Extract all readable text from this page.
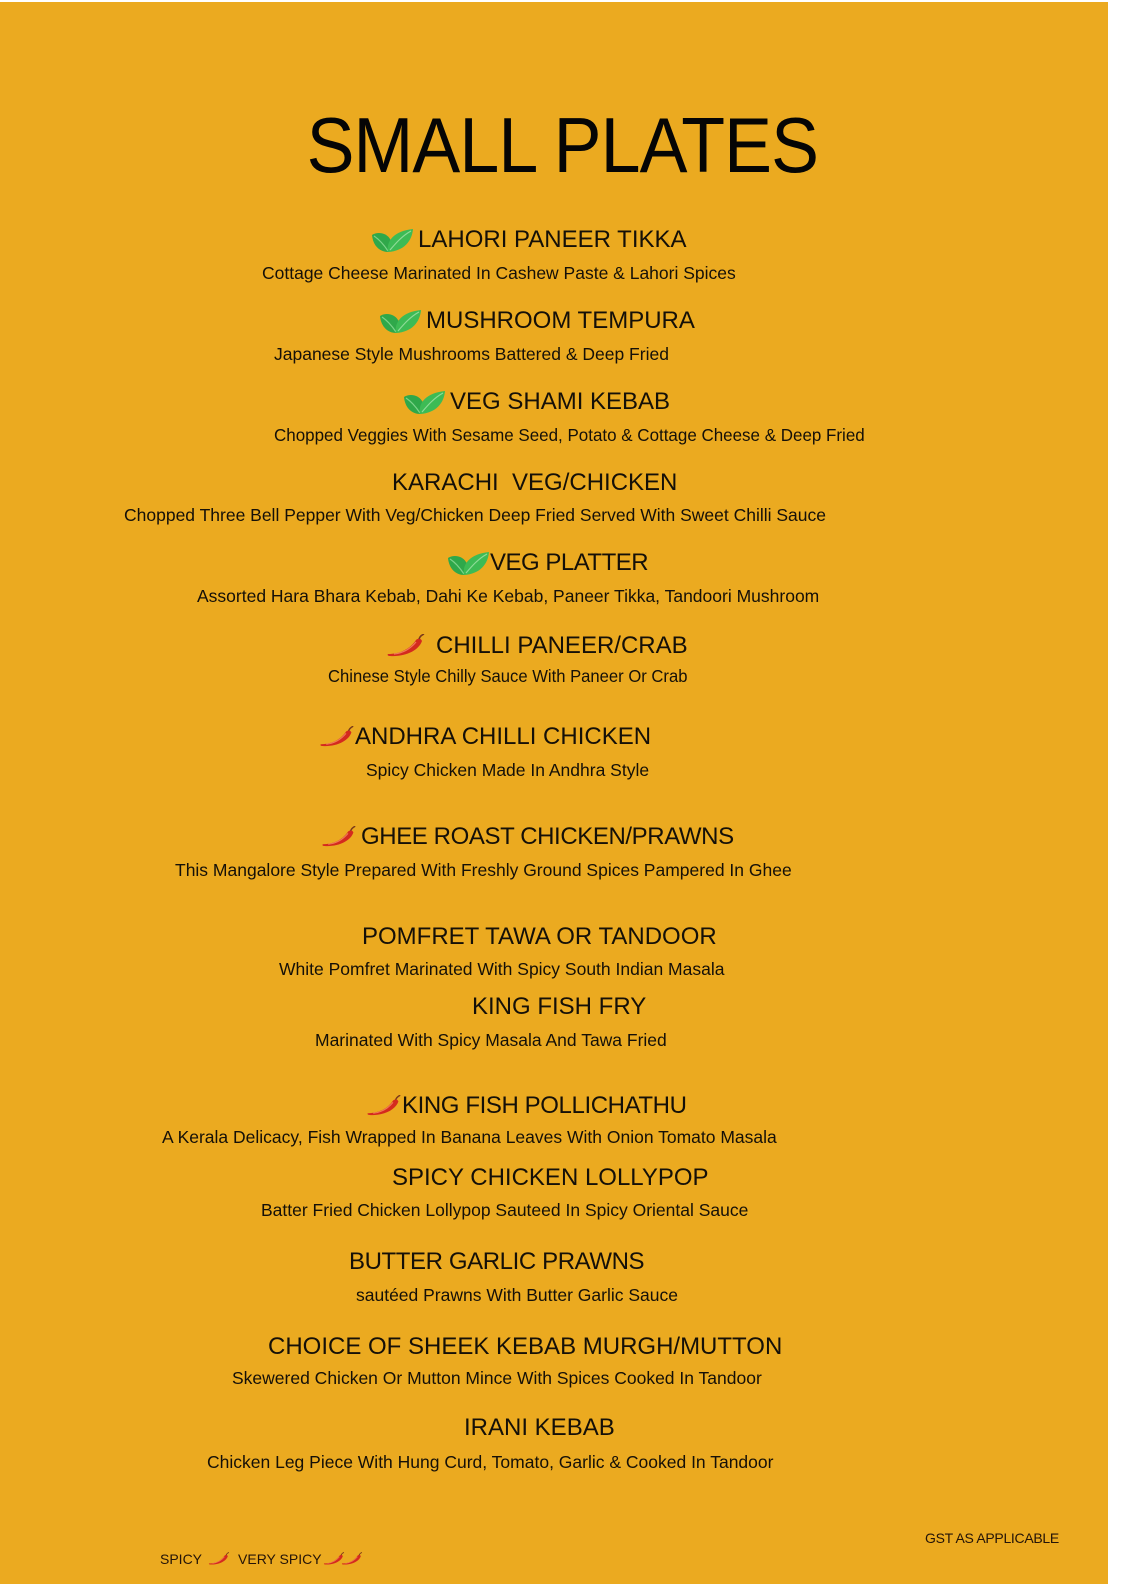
SMALL PLATES
LAHORI PANEER TIKKA
Cottage Cheese Marinated In Cashew Paste & Lahori Spices
MUSHROOM TEMPURA
Japanese Style Mushrooms Battered & Deep Fried
VEG SHAMI KEBAB
Chopped Veggies With Sesame Seed, Potato & Cottage Cheese & Deep Fried
KARACHI  VEG/CHICKEN
Chopped Three Bell Pepper With Veg/Chicken Deep Fried Served With Sweet Chilli Sauce
VEG PLATTER
Assorted Hara Bhara Kebab, Dahi Ke Kebab, Paneer Tikka, Tandoori Mushroom
CHILLI PANEER/CRAB
Chinese Style Chilly Sauce With Paneer Or Crab
ANDHRA CHILLI CHICKEN
Spicy Chicken Made In Andhra Style
GHEE ROAST CHICKEN/PRAWNS
This Mangalore Style Prepared With Freshly Ground Spices Pampered In Ghee
POMFRET TAWA OR TANDOOR
White Pomfret Marinated With Spicy South Indian Masala
KING FISH FRY
Marinated With Spicy Masala And Tawa Fried
KING FISH POLLICHATHU
A Kerala Delicacy, Fish Wrapped In Banana Leaves With Onion Tomato Masala
SPICY CHICKEN LOLLYPOP
Batter Fried Chicken Lollypop Sauteed In Spicy Oriental Sauce
BUTTER GARLIC PRAWNS
sautéed Prawns With Butter Garlic Sauce
CHOICE OF SHEEK KEBAB MURGH/MUTTON
Skewered Chicken Or Mutton Mince With Spices Cooked In Tandoor
IRANI KEBAB
Chicken Leg Piece With Hung Curd, Tomato, Garlic & Cooked In Tandoor
SPICY	VERY SPICY
GST AS APPLICABLE
